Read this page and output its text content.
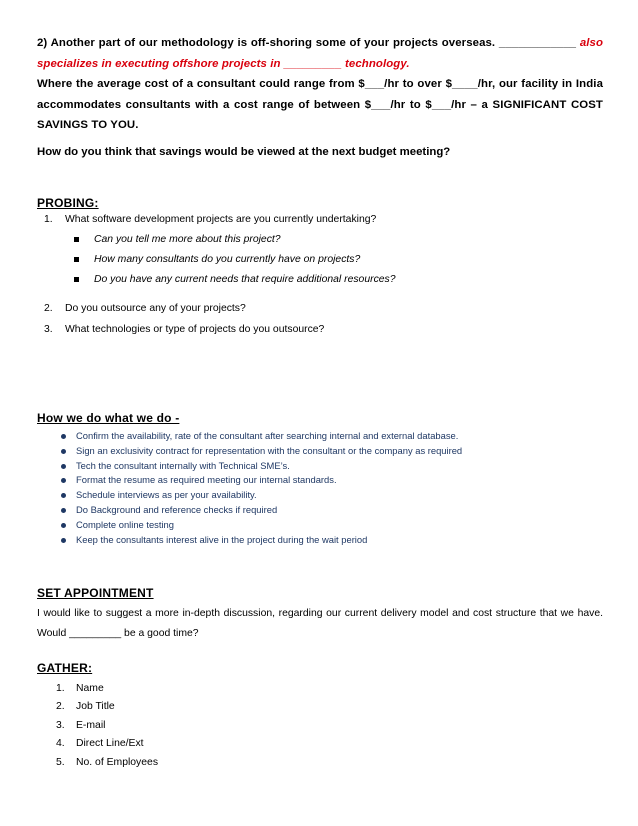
2) Another part of our methodology is off-shoring some of your projects overseas. ____________ also specializes in executing offshore projects in _________ technology.
Where the average cost of a consultant could range from $___/hr to over $____/hr, our facility in India accommodates consultants with a cost range of between $___/hr to $___/hr – a SIGNIFICANT COST SAVINGS TO YOU.
How do you think that savings would be viewed at the next budget meeting?
PROBING:
1. What software development projects are you currently undertaking?
Can you tell me more about this project?
How many consultants do you currently have on projects?
Do you have any current needs that require additional resources?
2. Do you outsource any of your projects?
3. What technologies or type of projects do you outsource?
How we do what we do -
Confirm the availability, rate of the consultant after searching internal and external database.
Sign an exclusivity contract for representation with the consultant or the company as required
Tech the consultant internally with Technical SME’s.
Format the resume as required meeting our internal standards.
Schedule interviews as per your availability.
Do Background and reference checks if required
Complete online testing
Keep the consultants interest alive in the project during the wait period
SET APPOINTMENT
I would like to suggest a more in-depth discussion, regarding our current delivery model and cost structure that we have. Would _________ be a good time?
GATHER:
1. Name
2. Job Title
3. E-mail
4. Direct Line/Ext
5. No. of Employees
